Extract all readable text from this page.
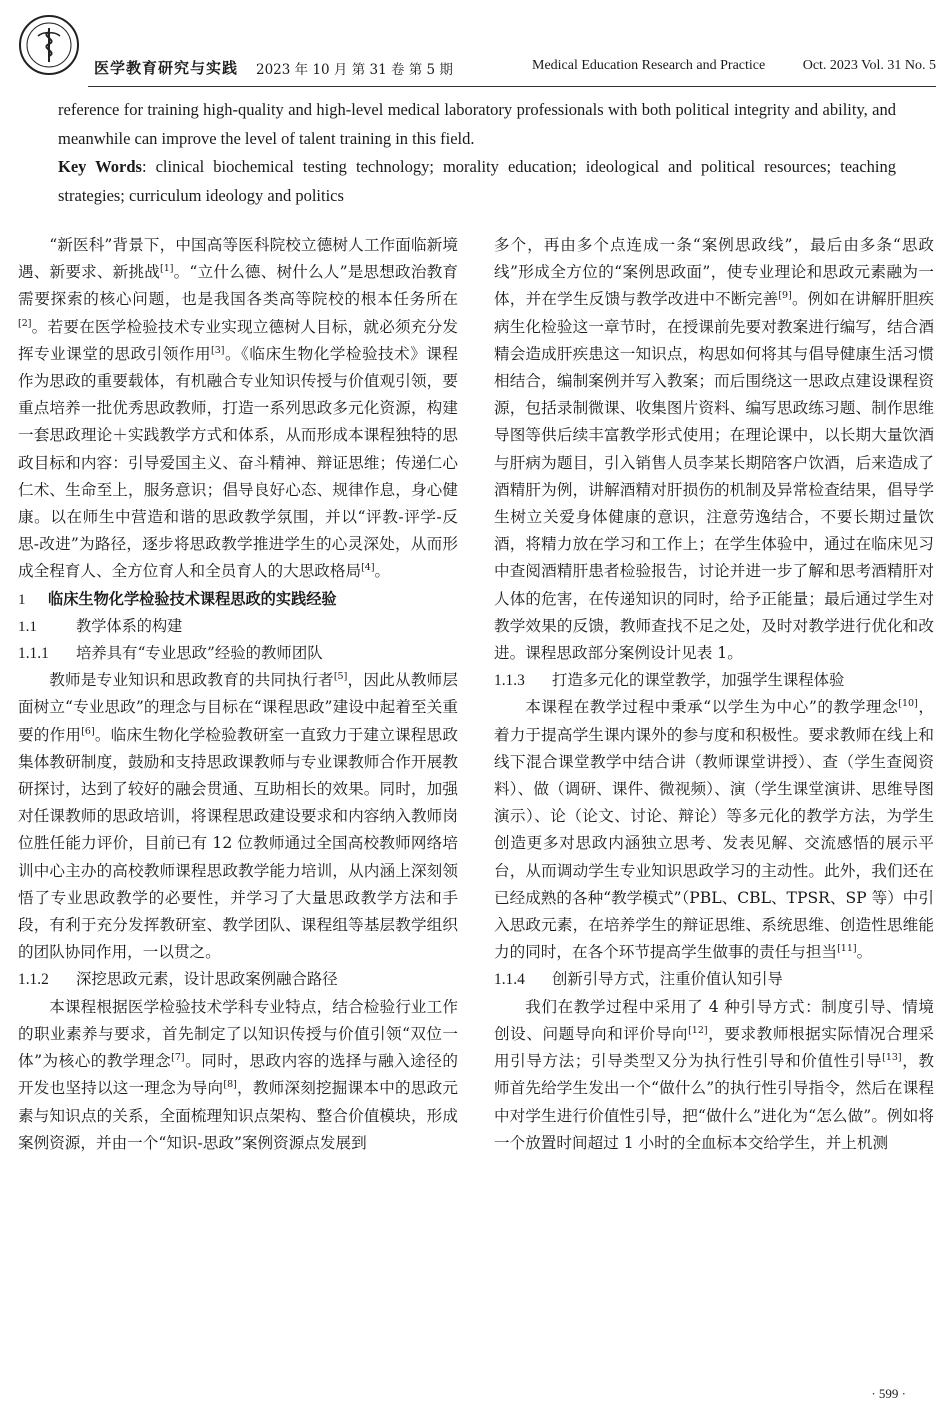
医学教育研究与实践 2023 年 10 月 第 31 卷 第 5 期	Medical Education Research and Practice	Oct. 2023 Vol. 31 No. 5

reference for training high-quality and high-level medical laboratory professionals with both political integrity and ability, and meanwhile can improve the level of talent training in this field.

Key Words: clinical biochemical testing technology; morality education; ideological and political resources; teaching strategies; curriculum ideology and politics

“新医科”背景下，中国高等医科院校立德树人工作面临新境遇、新要求、新挑战[1]。“立什么德、树什么人”是思想政治教育需要探索的核心问题，也是我国各类高等院校的根本任务所在[2]。若要在医学检验技术专业实现立德树人目标，就必须充分发挥专业课堂的思政引领作用[3]。《临床生物化学检验技术》课程作为思政的重要载体，有机融合专业知识传授与价值观引领，要重点培养一批优秀思政教师，打造一系列思政多元化资源，构建一套思政理论＋实践教学方式和体系，从而形成本课程独特的思政目标和内容：引导爱国主义、奋斗精神、辩证思维；传递仁心仁术、生命至上，服务意识；倡导良好心态、规律作息，身心健康。以在师生中营造和谐的思政教学氛围，并以“评教-评学-反思-改进”为路径，逐步将思政教学推进学生的心灵深处，从而形成全程育人、全方位育人和全员育人的大思政格局[4]。

1 临床生物化学检验技术课程思政的实践经验
1.1	教学体系的构建
1.1.1 培养具有“专业思政”经验的教师团队

教师是专业知识和思政教育的共同执行者[5]，因此从教师层面树立“专业思政”的理念与目标在“课程思政”建设中起着至关重要的作用[6]。临床生物化学检验教研室一直致力于建立课程思政集体教研制度，鼓励和支持思政课教师与专业课教师合作开展教研探讨，达到了较好的融会贯通、互助相长的效果。同时，加强对任课教师的思政培训，将课程思政建设要求和内容纳入教师岗位胜任能力评价，目前已有 12 位教师通过全国高校教师网络培训中心主办的高校教师课程思政教学能力培训，从内涵上深刻领悟了专业思政教学的必要性，并学习了大量思政教学方法和手段，有利于充分发挥教研室、教学团队、课程组等基层教学组织的团队协同作用，一以贯之。

1.1.2 深挖思政元素，设计思政案例融合路径

本课程根据医学检验技术学科专业特点，结合检验行业工作的职业素养与要求，首先制定了以知识传授与价值引领“双位一体”为核心的教学理念[7]。同时，思政内容的选择与融入途径的开发也坚持以这一理念为导向[8]，教师深刻挖掘课本中的思政元素与知识点的关系，全面梳理知识点架构、整合价值模块，形成案例资源，并由一个“知识-思政”案例资源点发展到

多个，再由多个点连成一条“案例思政线”，最后由多条“思政线”形成全方位的“案例思政面”，使专业理论和思政元素融为一体，并在学生反馈与教学改进中不断完善[9]。例如在讲解肝胆疾病生化检验这一章节时，在授课前先要对教案进行编写，结合酒精会造成肝疾患这一知识点，构思如何将其与倡导健康生活习惯相结合，编制案例并写入教案；而后围绕这一思政点建设课程资源，包括录制微课、收集图片资料、编写思政练习题、制作思维导图等供后续丰富教学形式使用；在理论课中，以长期大量饮酒与肝病为题目，引入销售人员李某长期陪客户饮酒，后来造成了酒精肝为例，讲解酒精对肝损伤的机制及异常检查结果，倡导学生树立关爱身体健康的意识，注意劳逸结合，不要长期过量饮酒，将精力放在学习和工作上；在学生体验中，通过在临床见习中查阅酒精肝患者检验报告，讨论并进一步了解和思考酒精肝对人体的危害，在传递知识的同时，给予正能量；最后通过学生对教学效果的反馈，教师查找不足之处，及时对教学进行优化和改进。课程思政部分案例设计见表 1。

1.1.3 打造多元化的课堂教学，加强学生课程体验

本课程在教学过程中秉承“以学生为中心”的教学理念[10]，着力于提高学生课内课外的参与度和积极性。要求教师在线上和线下混合课堂教学中结合讲（教师课堂讲授）、查（学生查阅资料）、做（调研、课件、微视频）、演（学生课堂演讲、思维导图演示）、论（论文、讨论、辩论）等多元化的教学方法，为学生创造更多对思政内涵独立思考、发表见解、交流感悟的展示平台，从而调动学生专业知识思政学习的主动性。此外，我们还在已经成熟的各种“教学模式”（PBL、CBL、TPSR、SP 等）中引入思政元素，在培养学生的辩证思维、系统思维、创造性思维能力的同时，在各个环节提高学生做事的责任与担当[11]。

1.1.4 创新引导方式，注重价值认知引导

我们在教学过程中采用了 4 种引导方式：制度引导、情境创设、问题导向和评价导向[12]，要求教师根据实际情况合理采用引导方法；引导类型又分为执行性引导和价值性引导[13]，教师首先给学生发出一个“做什么”的执行性引导指令，然后在课程中对学生进行价值性引导，把“做什么”进化为“怎么做”。例如将一个放置时间超过 1 小时的全血标本交给学生，并上机测

· 599 ·
